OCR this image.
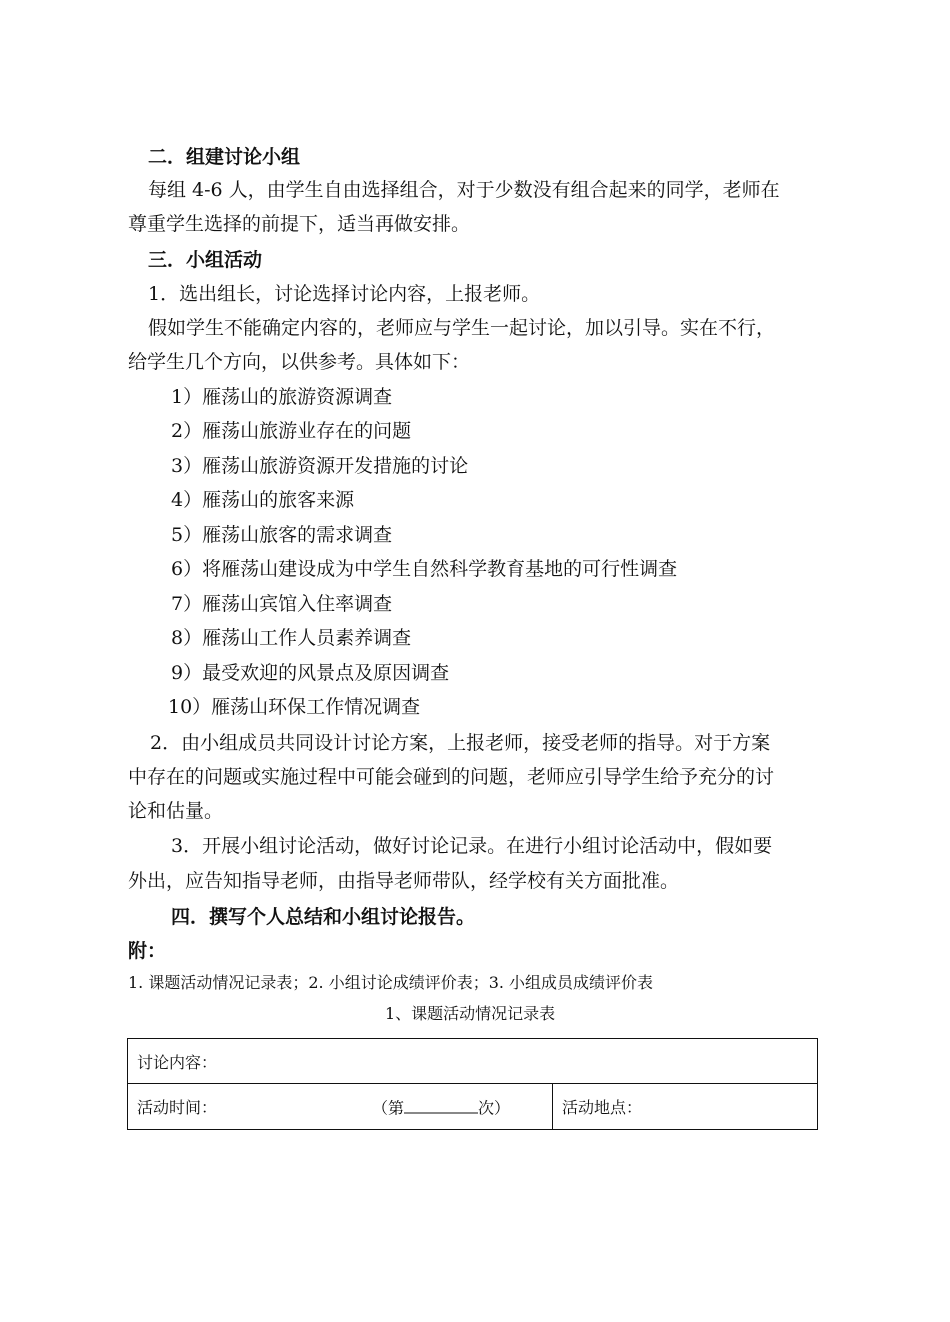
二．组建讨论小组
每组 4-6 人，由学生自由选择组合，对于少数没有组合起来的同学，老师在
尊重学生选择的前提下，适当再做安排。
三．小组活动
1．选出组长，讨论选择讨论内容，上报老师。
假如学生不能确定内容的，老师应与学生一起讨论，加以引导。实在不行，
给学生几个方向，以供参考。具体如下：
1）雁荡山的旅游资源调查
2）雁荡山旅游业存在的问题
3）雁荡山旅游资源开发措施的讨论
4）雁荡山的旅客来源
5）雁荡山旅客的需求调查
6）将雁荡山建设成为中学生自然科学教育基地的可行性调查
7）雁荡山宾馆入住率调查
8）雁荡山工作人员素养调查
9）最受欢迎的风景点及原因调查
10）雁荡山环保工作情况调查
2．由小组成员共同设计讨论方案，上报老师，接受老师的指导。对于方案
中存在的问题或实施过程中可能会碰到的问题，老师应引导学生给予充分的讨
论和估量。
3．开展小组讨论活动，做好讨论记录。在进行小组讨论活动中，假如要
外出，应告知指导老师，由指导老师带队，经学校有关方面批准。
四．撰写个人总结和小组讨论报告。
附：
1. 课题活动情况记录表；2. 小组讨论成绩评价表；3. 小组成员成绩评价表
1、课题活动情况记录表
讨论内容：
活动时间：	（第	次）	活动地点：
